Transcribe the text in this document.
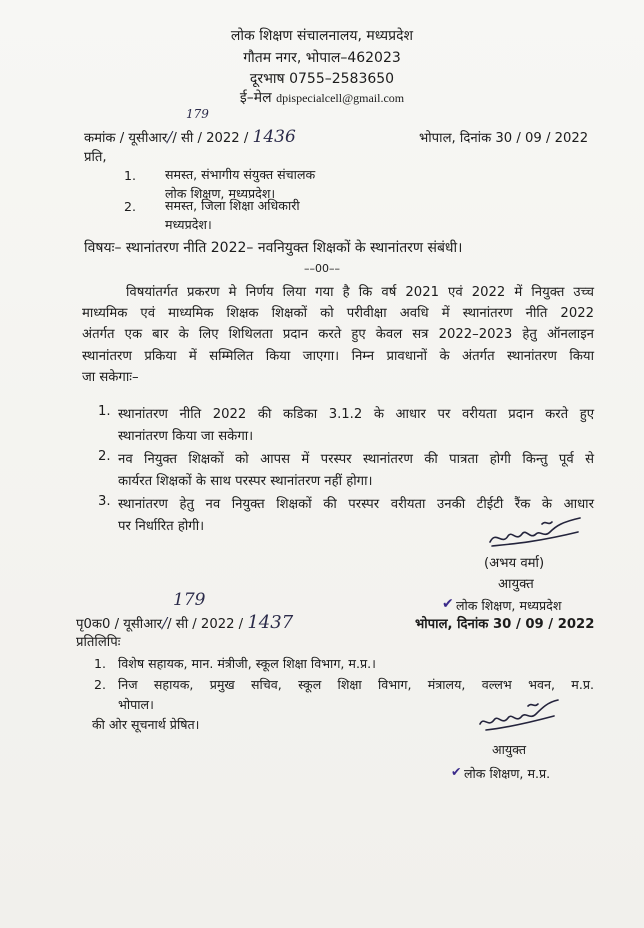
लोक शिक्षण संचालनालय, मध्यप्रदेश
गौतम नगर, भोपाल–462023
दूरभाष 0755–2583650
ई–मेल dpispecialcell@gmail.com
179
कमांक / यूसीआर// सी / 2022 / 1436	भोपाल, दिनांक 30 / 09 / 2022
प्रति,
1. समस्त, संभागीय संयुक्त संचालक
लोक शिक्षण, मध्यप्रदेश।
2. समस्त, जिला शिक्षा अधिकारी
मध्यप्रदेश।
विषयः– स्थानांतरण नीति 2022– नवनियुक्त शिक्षकों के स्थानांतरण संबंधी।
––00––
विषयांतर्गत प्रकरण मे निर्णय लिया गया है कि वर्ष 2021 एवं 2022 में नियुक्त उच्च
माध्यमिक एवं माध्यमिक शिक्षक शिक्षकों को परीवीक्षा अवधि में स्थानांतरण नीति 2022
अंतर्गत एक बार के लिए शिथिलता प्रदान करते हुए केवल सत्र 2022–2023 हेतु ऑनलाइन
स्थानांतरण प्रकिया में सम्मिलित किया जाएगा। निम्न प्रावधानों के अंतर्गत स्थानांतरण किया
जा सकेगाः–
1. स्थानांतरण नीति 2022 की कडिका 3.1.2 के आधार पर वरीयता प्रदान करते हुए
स्थानांतरण किया जा सकेगा।
2. नव नियुक्त शिक्षकों को आपस में परस्पर स्थानांतरण की पात्रता होगी किन्तु पूर्व से
कार्यरत शिक्षकों के साथ परस्पर स्थानांतरण नहीं होगा।
3. स्थानांतरण हेतु नव नियुक्त शिक्षकों की परस्पर वरीयता उनकी टीईटी रैंक के आधार
पर निर्धारित होगी।
(अभय वर्मा)
आयुक्त
✔ लोक शिक्षण, मध्यप्रदेश
179
पृ0क0 / यूसीआर// सी / 2022 / 1437	भोपाल, दिनांक 30 / 09 / 2022
प्रतिलिपिः
1. विशेष सहायक, मान. मंत्रीजी, स्कूल शिक्षा विभाग, म.प्र.।
2. निज सहायक, प्रमुख सचिव, स्कूल शिक्षा विभाग, मंत्रालय, वल्लभ भवन, म.प्र.
भोपाल।
की ओर सूचनार्थ प्रेषित।
आयुक्त
✔ लोक शिक्षण, म.प्र.
